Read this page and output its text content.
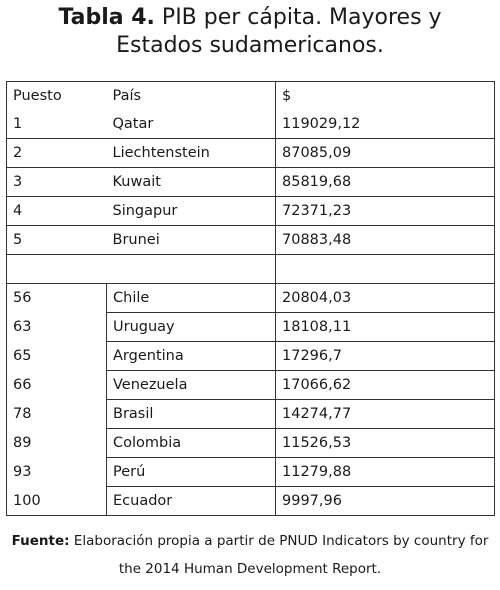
Tabla 4. PIB per cápita. Mayores y
Estados sudamericanos.
Puesto	País	$
1	Qatar	119029,12
2	Liechtenstein	87085,09
3	Kuwait	85819,68
4	Singapur	72371,23
5	Brunei	70883,48

56	Chile	20804,03
63	Uruguay	18108,11
65	Argentina	17296,7
66	Venezuela	17066,62
78	Brasil	14274,77
89	Colombia	11526,53
93	Perú	11279,88
100	Ecuador	9997,96
Fuente: Elaboración propia a partir de PNUD Indicators by country for
the 2014 Human Development Report.
